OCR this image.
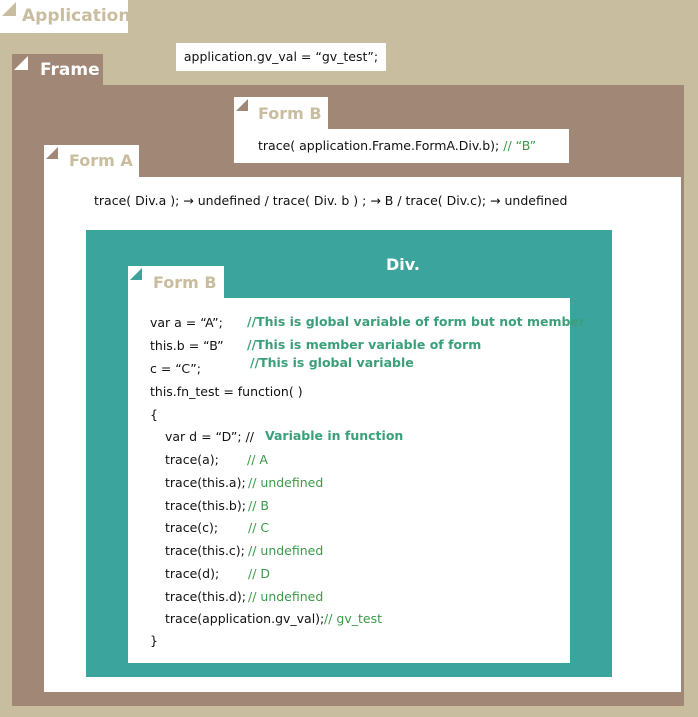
Application
application.gv_val = “gv_test”;
Frame
Form B
trace( application.Frame.FormA.Div.b); // “B”
Form A
trace( Div.a ); → undefined / trace( Div. b ) ; → B / trace( Div.c); → undefined
Div.
Form B
var a = “A”; //This is global variable of form but not member
this.b = “B” //This is member variable of form
c = “C”;	//This is global variable
this.fn_test = function( )
{
var d = “D”; // Variable in function
trace(a); // A
trace(this.a); // undefined
trace(this.b); // B
trace(c); // C
trace(this.c); // undefined
trace(d); // D
trace(this.d); // undefined
trace(application.gv_val); // gv_test
}
